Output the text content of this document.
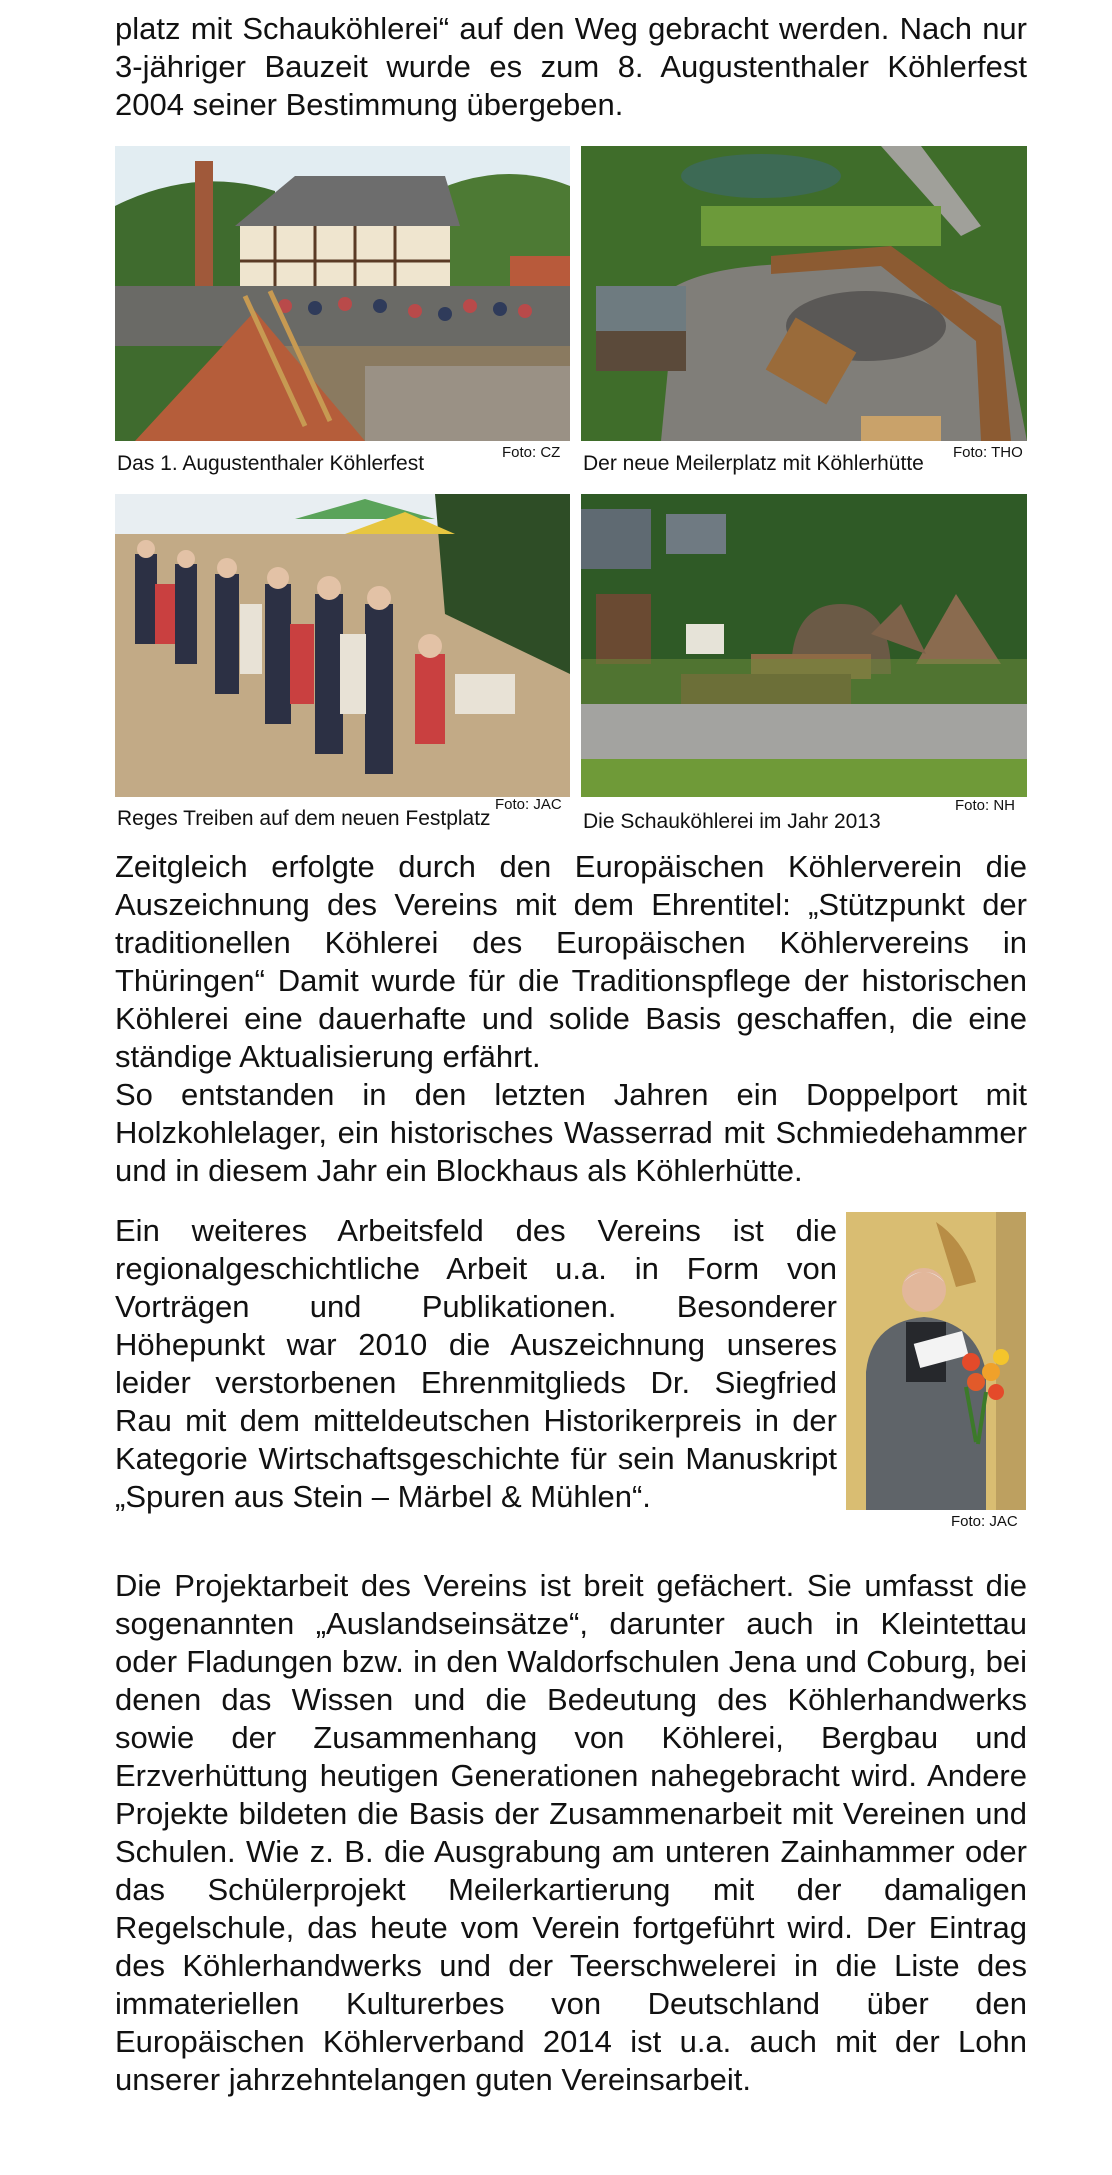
platz mit Schauköhlerei“ auf den Weg gebracht werden. Nach nur 3-jähriger Bauzeit wurde es zum 8. Augustenthaler Köhlerfest 2004 seiner Bestimmung übergeben.

Das 1. Augustenthaler Köhlerfest	Foto: CZ Der neue Meilerplatz mit Köhlerhütte Foto: THO
Reges Treiben auf dem neuen Festplatz
Foto: JAC
Die Schauköhlerei im Jahr 2013
Foto: NH

Zeitgleich erfolgte durch den Europäischen Köhlerverein die Auszeichnung des Vereins mit dem Ehrentitel: „Stützpunkt der traditionellen Köhlerei des Europäischen Köhlervereins in Thüringen“ Damit wurde für die Traditionspflege der historischen Köhlerei eine dauerhafte und solide Basis geschaffen, die eine ständige Aktualisierung erfährt.

So entstanden in den letzten Jahren ein Doppelport mit Holzkohlelager, ein historisches Wasserrad mit Schmiedehammer und in diesem Jahr ein Blockhaus als Köhlerhütte.

Ein weiteres Arbeitsfeld des Vereins ist die regionalgeschichtliche Arbeit u.a. in Form von Vorträgen und Publikationen. Besonderer Höhepunkt war 2010 die Auszeichnung unseres leider verstorbenen Ehrenmitglieds Dr. Siegfried Rau mit dem mitteldeutschen Historikerpreis in der Kategorie Wirtschaftsgeschichte für sein Manuskript „Spuren aus Stein – Märbel & Mühlen“.

Foto: JAC

Die Projektarbeit des Vereins ist breit gefächert. Sie umfasst die sogenannten „Auslandseinsätze“, darunter auch in Kleintettau oder Fladungen bzw. in den Waldorfschulen Jena und Coburg, bei denen das Wissen und die Bedeutung des Köhlerhandwerks sowie der Zusammenhang von Köhlerei, Bergbau und Erzverhüttung heutigen Generationen nahegebracht wird. Andere Projekte bildeten die Basis der Zusammenarbeit mit Vereinen und Schulen. Wie z. B. die Ausgrabung am unteren Zainhammer oder das Schülerprojekt Meilerkartierung mit der damaligen Regelschule, das heute vom Verein fortgeführt wird. Der Eintrag des Köhlerhandwerks und der Teerschwelerei in die Liste des immateriellen Kulturerbes von Deutschland über den Europäischen Köhlerverband 2014 ist u.a. auch mit der Lohn unserer jahrzehntelangen guten Vereinsarbeit.
